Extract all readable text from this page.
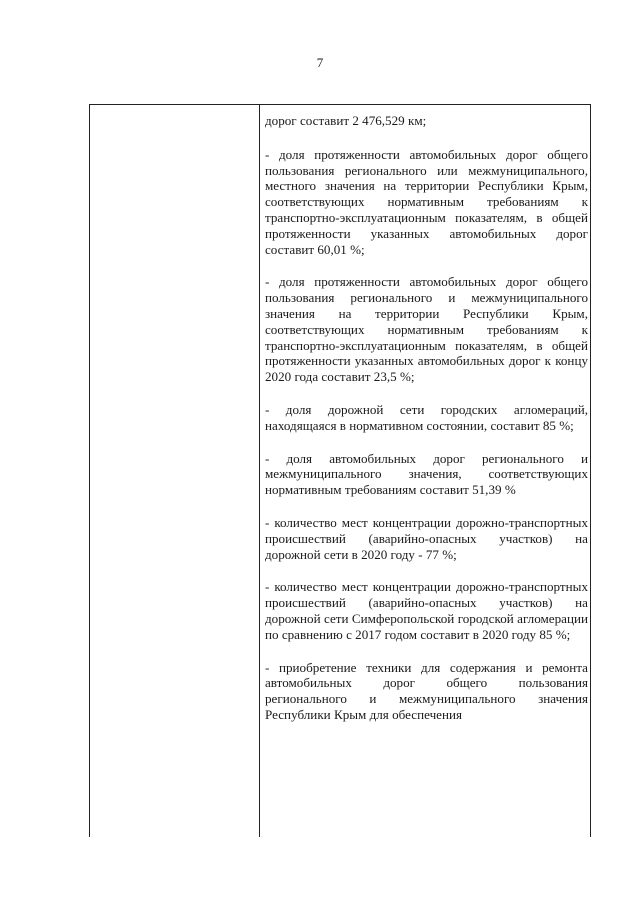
7

дорог составит 2 476,529 км;

- доля протяженности автомобильных дорог общего пользования регионального или межмуниципального, местного значения на территории Республики Крым, соответствующих нормативным требованиям к транспортно-эксплуатационным показателям, в общей протяженности указанных автомобильных дорог составит 60,01 %;

- доля протяженности автомобильных дорог общего пользования регионального и межмуниципального значения на территории Республики Крым, соответствующих нормативным требованиям к транспортно-эксплуатационным показателям, в общей протяженности указанных автомобильных дорог к концу 2020 года составит 23,5 %;

- доля дорожной сети городских агломераций, находящаяся в нормативном состоянии, составит 85 %;

- доля автомобильных дорог регионального и межмуниципального значения, соответствующих нормативным требованиям составит 51,39 %

- количество мест концентрации дорожно-транспортных происшествий (аварийно-опасных участков) на дорожной сети в 2020 году - 77 %;

- количество мест концентрации дорожно-транспортных происшествий (аварийно-опасных участков) на дорожной сети Симферопольской городской агломерации по сравнению с 2017 годом составит в 2020 году 85 %;

- приобретение техники для содержания и ремонта автомобильных дорог общего пользования регионального и межмуниципального значения Республики Крым для обеспечения
